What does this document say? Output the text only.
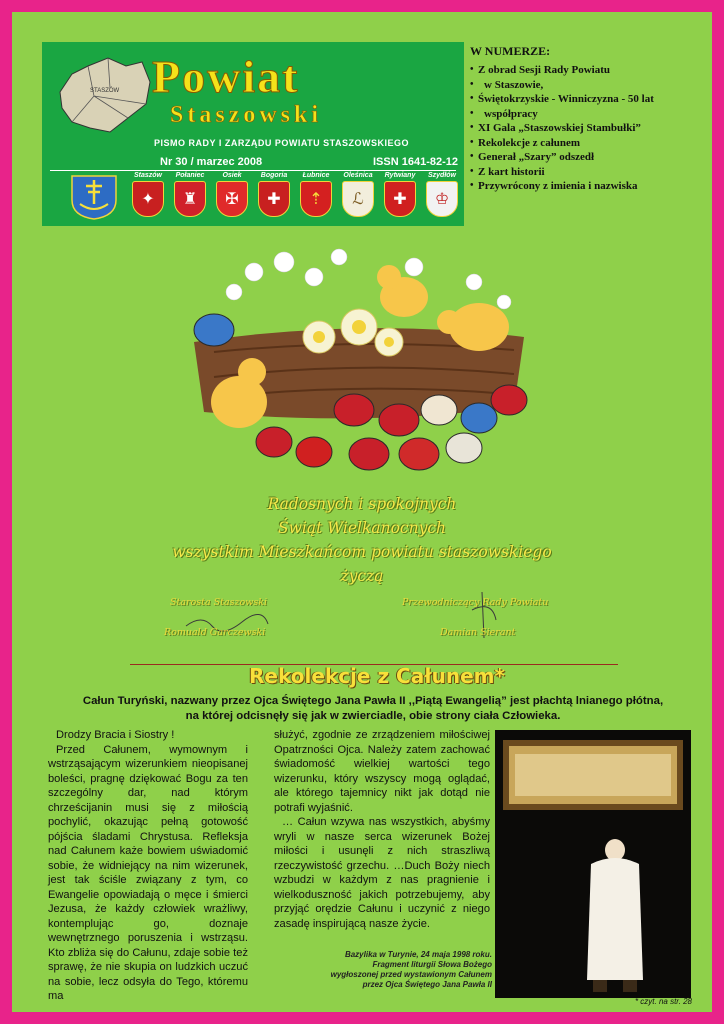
STASZÓW Powiat
Staszowski
PISMO RADY I ZARZĄDU POWIATU STASZOWSKIEGO
Nr 30 / marzec 2008	ISSN 1641-82-12
Staszów
✦
Połaniec
♜
Osiek
✠
Bogoria
✚
Łubnice
⇡
Oleśnica
ℒ
Rytwiany
✚
Szydłów
♔
W NUMERZE:
• Z obrad Sesji Rady Powiatu
• w Staszowie,
• Świętokrzyskie - Winniczyzna - 50 lat
• współpracy
• XI Gala „Staszowskiej Stambułki”
• Rekolekcje z całunem
• Generał „Szary” odszedł
• Z kart historii
• Przywrócony z imienia i nazwiska
Radosnych i spokojnych
Świąt Wielkanocnych
wszystkim Mieszkańcom powiatu staszowskiego
życzą
Starosta Staszowski
Romuald Garczewski
Przewodniczący Rady Powiatu
Damian Sierant
Rekolekcje z Całunem*
Całun Turyński, nazwany przez Ojca Świętego Jana Pawła II ,,Piątą Ewangelią” jest płachtą lnianego płótna,
na której odcisnęły się jak w zwierciadle, obie strony ciała Człowieka.

Drodzy Bracia i Siostry !

Przed Całunem, wymownym i wstrząsającym wizerunkiem nieopisanej boleści, pragnę dziękować Bogu za ten szczególny dar, nad którym chrześcijanin musi się z miłością pochylić, okazując pełną gotowość pójścia śladami Chrystusa. Refleksja nad Całunem każe bowiem uświadomić sobie, że widniejący na nim wizerunek, jest tak ściśle związany z tym, co Ewangelie opowiadają o męce i śmierci Jezusa, że każdy człowiek wrażliwy, kontemplując go, doznaje wewnętrznego poruszenia i wstrząsu. Kto zbliża się do Całunu, zdaje sobie też sprawę, że nie skupia on ludzkich uczuć na sobie, lecz odsyła do Tego, któremu ma

służyć, zgodnie ze zrządzeniem miłościwej Opatrzności Ojca. Należy zatem zachować świadomość wielkiej wartości tego wizerunku, który wszyscy mogą oglądać, ale którego tajemnicy nikt jak dotąd nie potrafi wyjaśnić.

… Całun wzywa nas wszystkich, abyśmy wryli w nasze serca wizerunek Bożej miłości i usunęli z nich straszliwą rzeczywistość grzechu. …Duch Boży niech wzbudzi w każdym z nas pragnienie i wielkoduszność jakich potrzebujemy, aby przyjąć orędzie Całunu i uczynić z niego zasadę inspirującą nasze życie.

Bazylika w Turynie, 24 maja 1998 roku.
Fragment liturgii Słowa Bożego
wygłoszonej przed wystawionym Całunem
przez Ojca Świętego Jana Pawła II
* czyt. na str. 28
